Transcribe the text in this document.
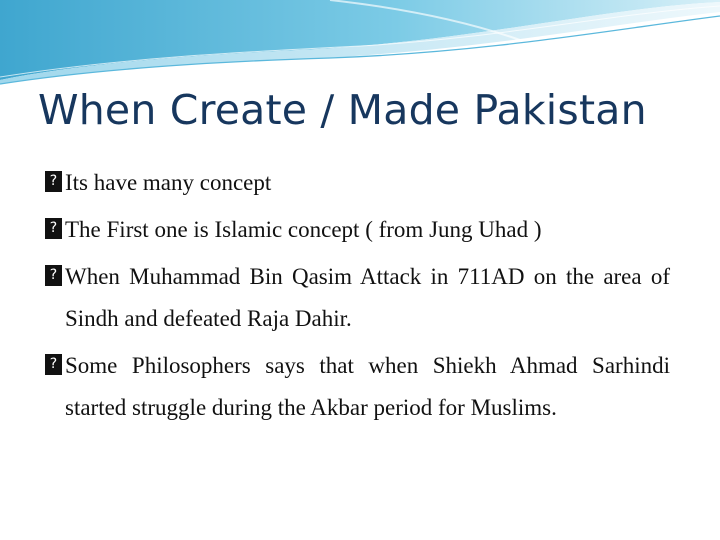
When Create / Made Pakistan
?
Its have many concept
?
The First one is Islamic concept ( from Jung Uhad )
?
When Muhammad Bin Qasim Attack in 711AD on the area of Sindh and defeated Raja Dahir.
?
Some Philosophers says that when Shiekh Ahmad Sarhindi started struggle during the Akbar period for Muslims.
